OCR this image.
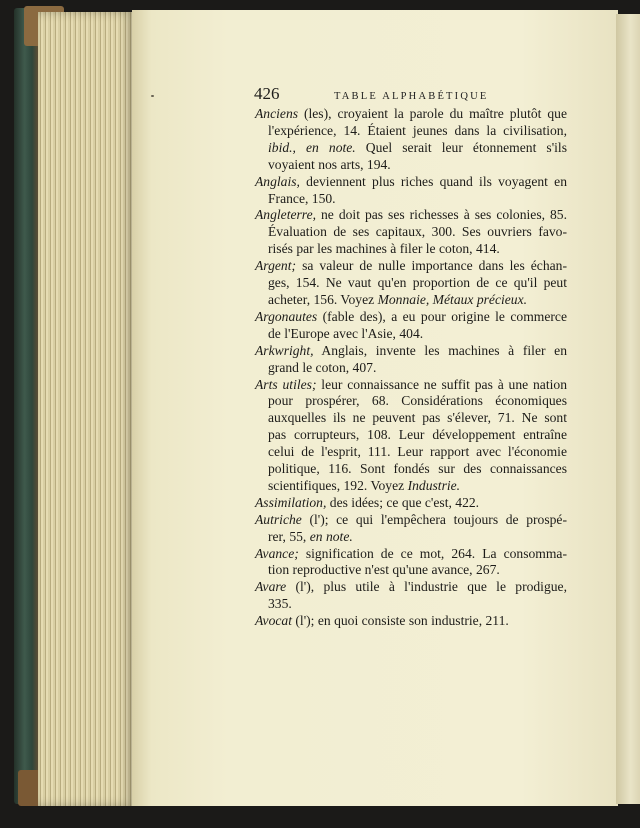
426	TABLE ALPHABÉTIQUE
Anciens (les), croyaient la parole du maître plutôt que
l'expérience, 14. Étaient jeunes dans la civilisation,
ibid., en note. Quel serait leur étonnement s'ils
voyaient nos arts, 194.
Anglais, deviennent plus riches quand ils voyagent en
France, 150.
Angleterre, ne doit pas ses richesses à ses colonies, 85.
Évaluation de ses capitaux, 300. Ses ouvriers favo-
risés par les machines à filer le coton, 414.
Argent; sa valeur de nulle importance dans les échan-
ges, 154. Ne vaut qu'en proportion de ce qu'il peut
acheter, 156. Voyez Monnaie, Métaux précieux.
Argonautes (fable des), a eu pour origine le commerce
de l'Europe avec l'Asie, 404.
Arkwright, Anglais, invente les machines à filer en
grand le coton, 407.
Arts utiles; leur connaissance ne suffit pas à une nation
pour prospérer, 68. Considérations économiques
auxquelles ils ne peuvent pas s'élever, 71. Ne sont
pas corrupteurs, 108. Leur développement entraîne
celui de l'esprit, 111. Leur rapport avec l'économie
politique, 116. Sont fondés sur des connaissances
scientifiques, 192. Voyez Industrie.
Assimilation, des idées; ce que c'est, 422.
Autriche (l'); ce qui l'empêchera toujours de prospé-
rer, 55, en note.
Avance; signification de ce mot, 264. La consomma-
tion reproductive n'est qu'une avance, 267.
Avare (l'), plus utile à l'industrie que le prodigue,
335.
Avocat (l'); en quoi consiste son industrie, 211.
